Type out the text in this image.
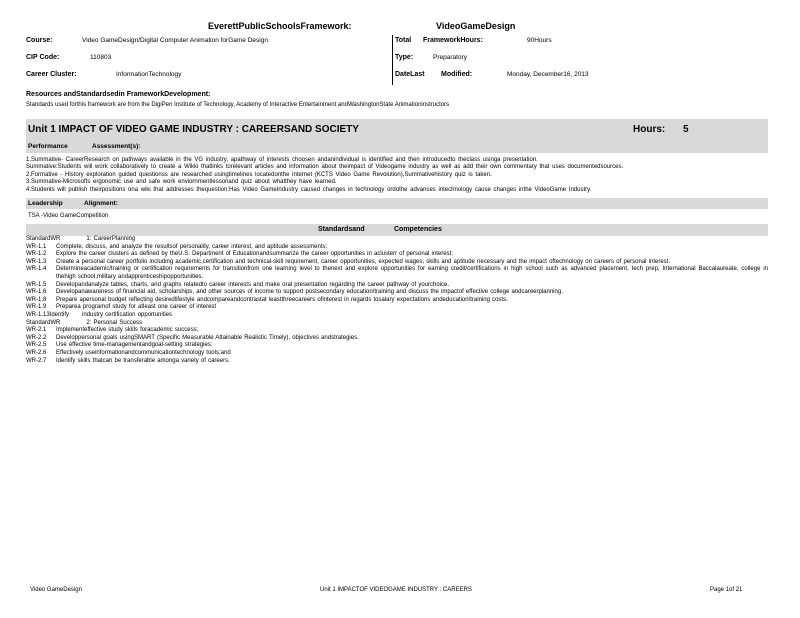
EverettPublicSchoolsFramework:	VideoGameDesign
Course:	Video GameDesign/Digital Computer Animation forGame Design
CIP Code:	110803
Career Cluster:	InformationTechnology
Total FrameworkHours:	90Hours
Type:	Preparatory
DateLast Modified:	Monday, December16, 2013
Resources andStandardsedin FrameworkDevelopment:
Standards used forthis framework are from the DigiPen Institute of Technology, Academy of Interactive Entertainment andWashingtonState Animationinstructors
Unit 1 IMPACT OF VIDEO GAME INDUSTRY : CAREERSAND SOCIETY	Hours: 5
Performance	Assessment(s):

1.Summative- CareerResearch on pathways available in the VG industry, apathway of interests choosen andanindividual is identified and then introducedto theclass usinga presentation.

Summative:Students will work collaboratively to create a Wikki thatlinks torelevant articles and information about theimpact of Videogame industry as well as add their own commentary that uses documentedsources.

2.Formative - History exploration guided questionss are researched usingtimelines locatedonthe internet (KCTS Video Game Revolution),Summativehistory quiz is taken.

3.Summative-Microsofts ergonomic use and safe work enviornmentlessonand quiz about whatthey have learned.

4.Students will publish theirpositions ona wiki that addresses thequestion:Has Video GameIndustry caused changes in technology ordothe advances intechnology cause changes inthe VideoGame Industry.

Leadership	Alignment:
TSA -Video GameCompetition
Standardsand	Competencies
StandardWR	1: CareerPlanning
WR-1.1 Complete, discuss, and analyze the resultsof personality, career interest, and aptitude assessments;
WR-1.2 Explore the career clusters as defined by theU.S. Department of Educationandsummarize the career opportunities in aclusterr of personal interest;
WR-1.3 Create a personal career portfolio including academic,certification and technical-skill requirement, career opportunities, expected wages, skills and aptitude necessary and the impact oftechnology on careers of personal interest.
WR-1.4 Determineacademic/training or certification requirements for transitionfrom one learning level to thenext and explore opportunities for earning credit/certifications in high school such as advanced placement, tech prep, International Baccalaureate, college in thehigh school,military andapprenticeshipopportunities.
WR-1.5 Developandanalyze tables, charts, and graphs relatedto career interests and make oral presentation regarding the career pathway of yourchoice.
WR-1.6 Developanawareness of financial aid, scholarships, and other sources of income to support postsecondary education/training and discuss the impactof effective college andcareerplanning.
WR-1.8 Prepare apersonal budget reflecting desiredlifestyle andcompareandcontrastat leastthreecareers ofinterest in regards tosalary expectations andeducation/training costs.
WR-1.9 Preparea programof study for atleast one career of interest
WR-1.13Identify industry certification opportunities
StandardWR	2: Personal Success
WR-2.1 Implementeffective study skills foracademic success;
WR-2.2 Developpersonal goals usingSMART (Specific Measurable Attainable Realistic Timely), objectives andstrategies.
WR-2.5 Use effective time-managementandgoal-setting strategies;
WR-2.6 Effectively useinformationandcommunicationtechnology tools;and
WR-2.7 Identify skills thatcan be transferable amonga variety of careers.
Video GameDesign	Unit 1 IMPACTOF VIDEOGAME INDUSTRY : CAREERS	Page 1of 21
